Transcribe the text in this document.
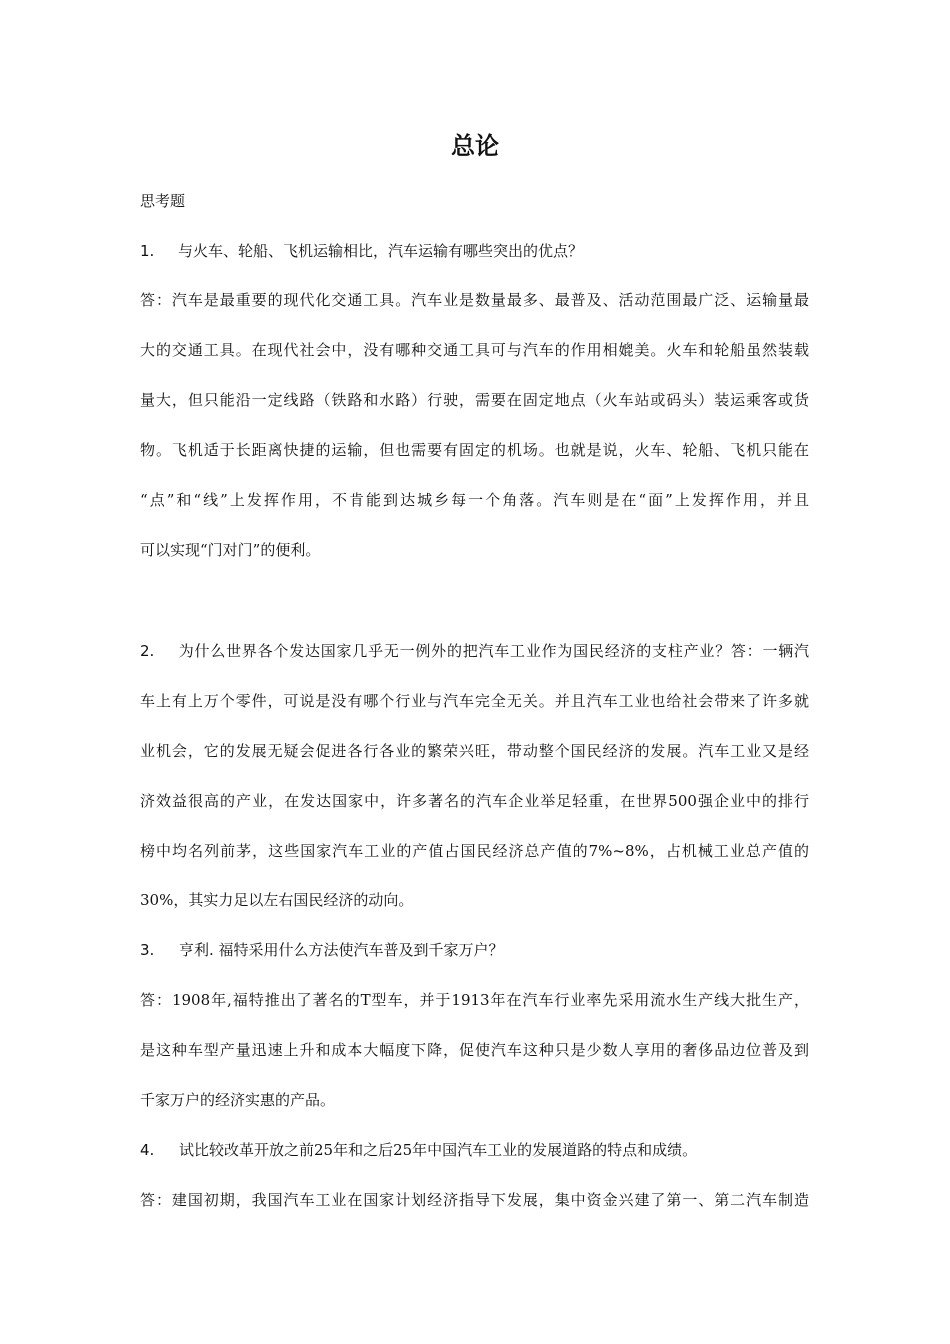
总论
思考题
1. 与火车、轮船、飞机运输相比，汽车运输有哪些突出的优点？
答：汽车是最重要的现代化交通工具。汽车业是数量最多、最普及、活动范围最广泛、运输量最
大的交通工具。在现代社会中，没有哪种交通工具可与汽车的作用相媲美。火车和轮船虽然装载
量大，但只能沿一定线路（铁路和水路）行驶，需要在固定地点（火车站或码头）装运乘客或货
物。飞机适于长距离快捷的运输，但也需要有固定的机场。也就是说，火车、轮船、飞机只能在
“点”和“线”上发挥作用，不肯能到达城乡每一个角落。汽车则是在“面”上发挥作用，并且
可以实现“门对门”的便利。
2. 为什么世界各个发达国家几乎无一例外的把汽车工业作为国民经济的支柱产业？答：一辆汽
车上有上万个零件，可说是没有哪个行业与汽车完全无关。并且汽车工业也给社会带来了许多就
业机会，它的发展无疑会促进各行各业的繁荣兴旺，带动整个国民经济的发展。汽车工业又是经
济效益很高的产业，在发达国家中，许多著名的汽车企业举足轻重，在世界500强企业中的排行
榜中均名列前茅，这些国家汽车工业的产值占国民经济总产值的7%~8%，占机械工业总产值的
30%，其实力足以左右国民经济的动向。
3. 亨利. 福特采用什么方法使汽车普及到千家万户？
答：1908年,福特推出了著名的T型车，并于1913年在汽车行业率先采用流水生产线大批生产，
是这种车型产量迅速上升和成本大幅度下降，促使汽车这种只是少数人享用的奢侈品边位普及到
千家万户的经济实惠的产品。
4. 试比较改革开放之前25年和之后25年中国汽车工业的发展道路的特点和成绩。
答：建国初期，我国汽车工业在国家计划经济指导下发展，集中资金兴建了第一、第二汽车制造
